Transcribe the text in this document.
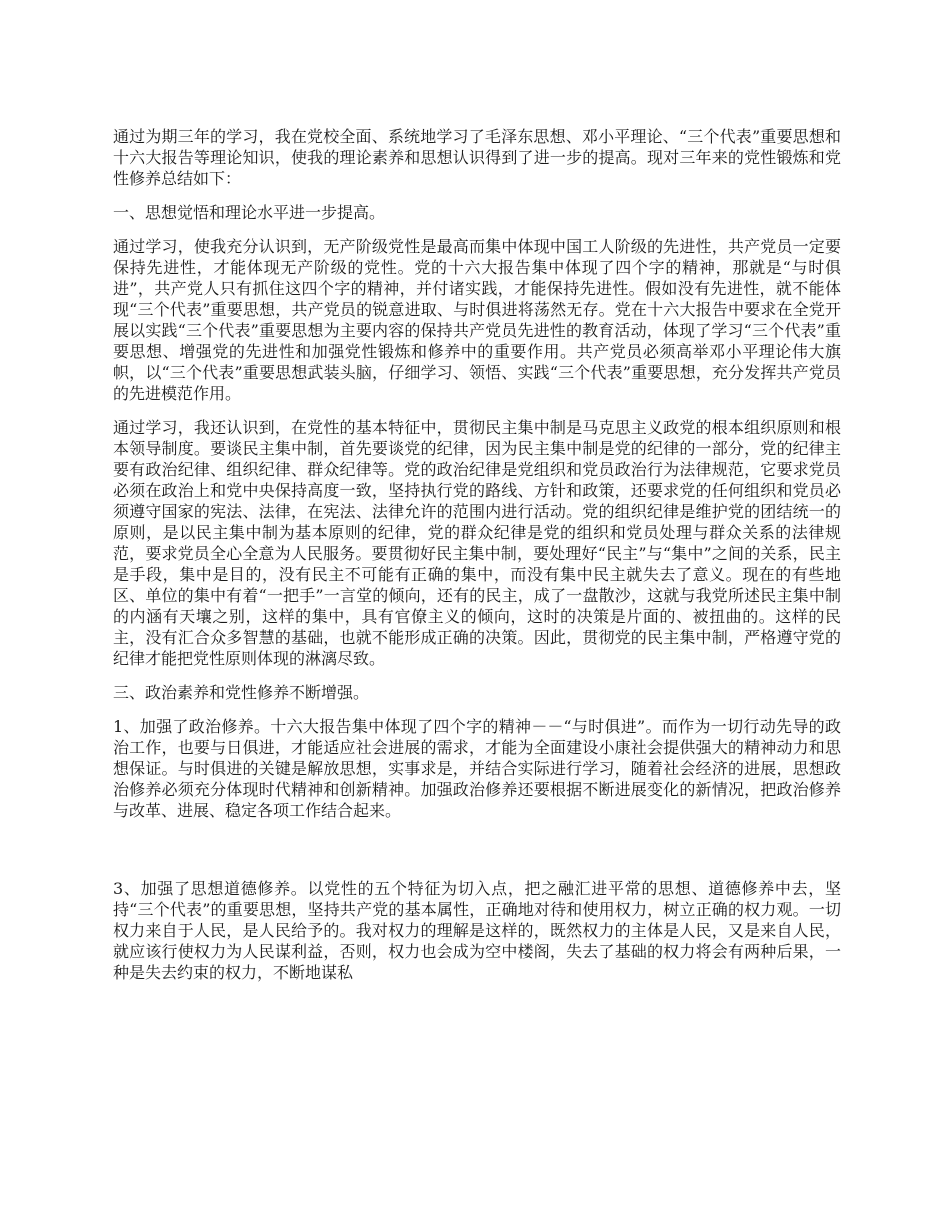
通过为期三年的学习，我在党校全面、系统地学习了毛泽东思想、邓小平理论、“三个代表”重要思想和十六大报告等理论知识，使我的理论素养和思想认识得到了进一步的提高。现对三年来的党性锻炼和党性修养总结如下：

一、思想觉悟和理论水平进一步提高。

通过学习，使我充分认识到，无产阶级党性是最高而集中体现中国工人阶级的先进性，共产党员一定要保持先进性，才能体现无产阶级的党性。党的十六大报告集中体现了四个字的精神，那就是“与时俱进”，共产党人只有抓住这四个字的精神，并付诸实践，才能保持先进性。假如没有先进性，就不能体现“三个代表”重要思想，共产党员的锐意进取、与时俱进将荡然无存。党在十六大报告中要求在全党开展以实践“三个代表”重要思想为主要内容的保持共产党员先进性的教育活动，体现了学习“三个代表”重要思想、增强党的先进性和加强党性锻炼和修养中的重要作用。共产党员必须高举邓小平理论伟大旗帜，以“三个代表”重要思想武装头脑，仔细学习、领悟、实践“三个代表”重要思想，充分发挥共产党员的先进模范作用。

通过学习，我还认识到，在党性的基本特征中，贯彻民主集中制是马克思主义政党的根本组织原则和根本领导制度。要谈民主集中制，首先要谈党的纪律，因为民主集中制是党的纪律的一部分，党的纪律主要有政治纪律、组织纪律、群众纪律等。党的政治纪律是党组织和党员政治行为法律规范，它要求党员必须在政治上和党中央保持高度一致，坚持执行党的路线、方针和政策，还要求党的任何组织和党员必须遵守国家的宪法、法律，在宪法、法律允许的范围内进行活动。党的组织纪律是维护党的团结统一的原则，是以民主集中制为基本原则的纪律，党的群众纪律是党的组织和党员处理与群众关系的法律规范，要求党员全心全意为人民服务。要贯彻好民主集中制，要处理好“民主”与“集中”之间的关系，民主是手段，集中是目的，没有民主不可能有正确的集中，而没有集中民主就失去了意义。现在的有些地区、单位的集中有着“一把手”一言堂的倾向，还有的民主，成了一盘散沙，这就与我党所述民主集中制的内涵有天壤之别，这样的集中，具有官僚主义的倾向，这时的决策是片面的、被扭曲的。这样的民主，没有汇合众多智慧的基础，也就不能形成正确的决策。因此，贯彻党的民主集中制，严格遵守党的纪律才能把党性原则体现的淋漓尽致。

三、政治素养和党性修养不断增强。

1、加强了政治修养。十六大报告集中体现了四个字的精神－－“与时俱进”。而作为一切行动先导的政治工作，也要与日俱进，才能适应社会进展的需求，才能为全面建设小康社会提供强大的精神动力和思想保证。与时俱进的关键是解放思想，实事求是，并结合实际进行学习，随着社会经济的进展，思想政治修养必须充分体现时代精神和创新精神。加强政治修养还要根据不断进展变化的新情况，把政治修养与改革、进展、稳定各项工作结合起来。

3、加强了思想道德修养。以党性的五个特征为切入点，把之融汇进平常的思想、道德修养中去，坚持“三个代表”的重要思想，坚持共产党的基本属性，正确地对待和使用权力，树立正确的权力观。一切权力来自于人民，是人民给予的。我对权力的理解是这样的，既然权力的主体是人民，又是来自人民，就应该行使权力为人民谋利益，否则，权力也会成为空中楼阁，失去了基础的权力将会有两种后果，一种是失去约束的权力，不断地谋私
